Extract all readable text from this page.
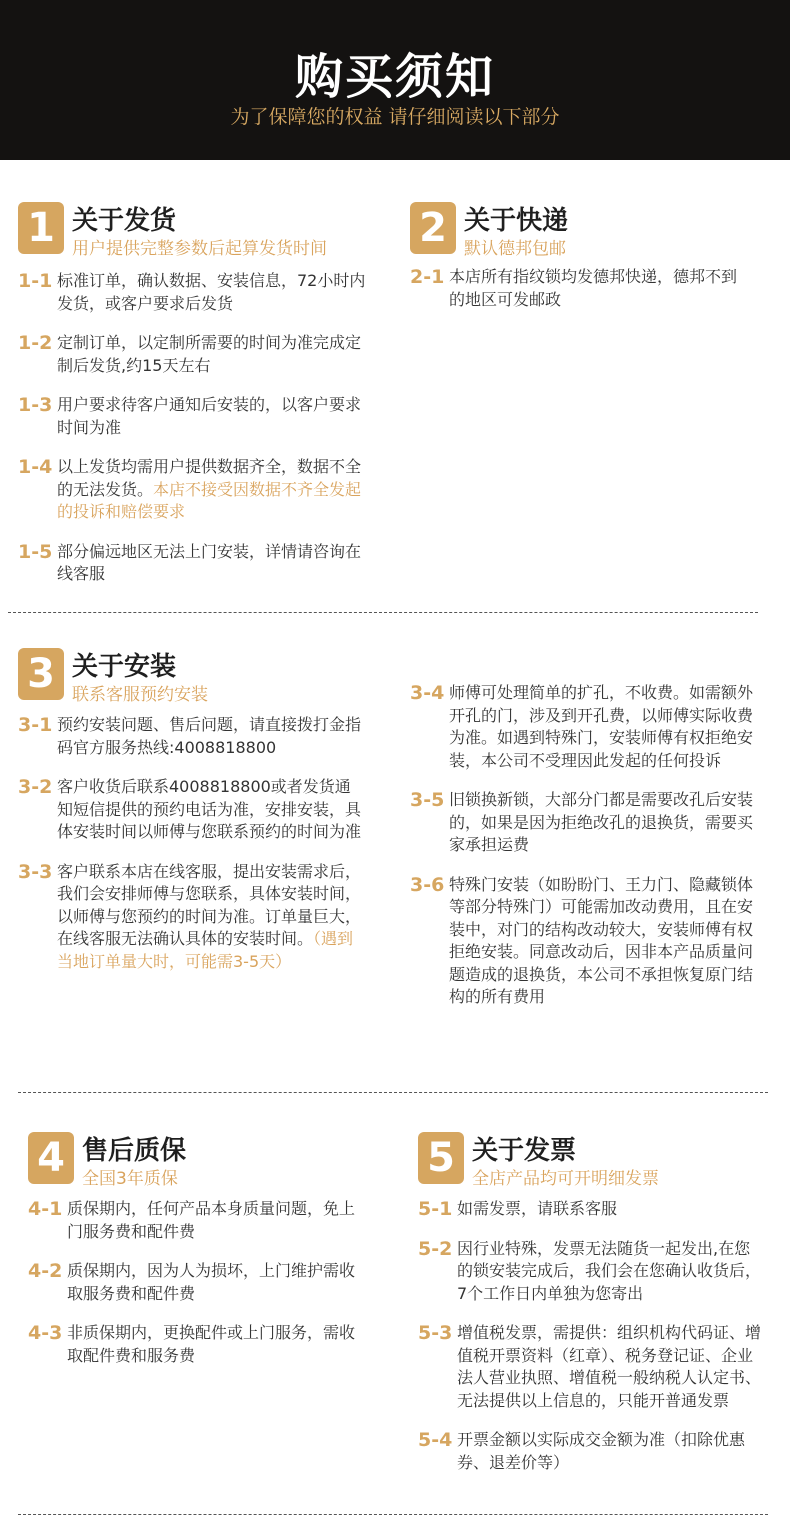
购买须知
为了保障您的权益 请仔细阅读以下部分
1 关于发货
用户提供完整参数后起算发货时间
1-1 标准订单，确认数据、安装信息，72小时内发货，或客户要求后发货
1-2 定制订单，以定制所需要的时间为准完成定制后发货,约15天左右
1-3 用户要求待客户通知后安装的，以客户要求时间为准
1-4 以上发货均需用户提供数据齐全，数据不全的无法发货。本店不接受因数据不齐全发起的投诉和赔偿要求
1-5 部分偏远地区无法上门安装，详情请咨询在线客服
2 关于快递
默认德邦包邮
2-1 本店所有指纹锁均发德邦快递，德邦不到的地区可发邮政
3 关于安装
联系客服预约安装
3-1 预约安装问题、售后问题，请直接拨打金指码官方服务热线:4008818800
3-2 客户收货后联系4008818800或者发货通知短信提供的预约电话为准，安排安装，具体安装时间以师傅与您联系预约的时间为准
3-3 客户联系本店在线客服，提出安装需求后，我们会安排师傅与您联系，具体安装时间，以师傅与您预约的时间为准。订单量巨大，在线客服无法确认具体的安装时间。（遇到当地订单量大时，可能需3-5天）
3-4 师傅可处理简单的扩孔，不收费。如需额外开孔的门，涉及到开孔费，以师傅实际收费为准。如遇到特殊门，安装师傅有权拒绝安装，本公司不受理因此发起的任何投诉
3-5 旧锁换新锁，大部分门都是需要改孔后安装的，如果是因为拒绝改孔的退换货，需要买家承担运费
3-6 特殊门安装（如盼盼门、王力门、隐藏锁体等部分特殊门）可能需加改动费用，且在安装中，对门的结构改动较大，安装师傅有权拒绝安装。同意改动后，因非本产品质量问题造成的退换货，本公司不承担恢复原门结构的所有费用
4 售后质保
全国3年质保
4-1 质保期内，任何产品本身质量问题，免上门服务费和配件费
4-2 质保期内，因为人为损坏，上门维护需收取服务费和配件费
4-3 非质保期内，更换配件或上门服务，需收取配件费和服务费
5 关于发票
全店产品均可开明细发票
5-1 如需发票，请联系客服
5-2 因行业特殊，发票无法随货一起发出,在您的锁安装完成后，我们会在您确认收货后，7个工作日内单独为您寄出
5-3 增值税发票，需提供：组织机构代码证、增值税开票资料（红章）、税务登记证、企业法人营业执照、增值税一般纳税人认定书、无法提供以上信息的，只能开普通发票
5-4 开票金额以实际成交金额为准（扣除优惠券、退差价等）
